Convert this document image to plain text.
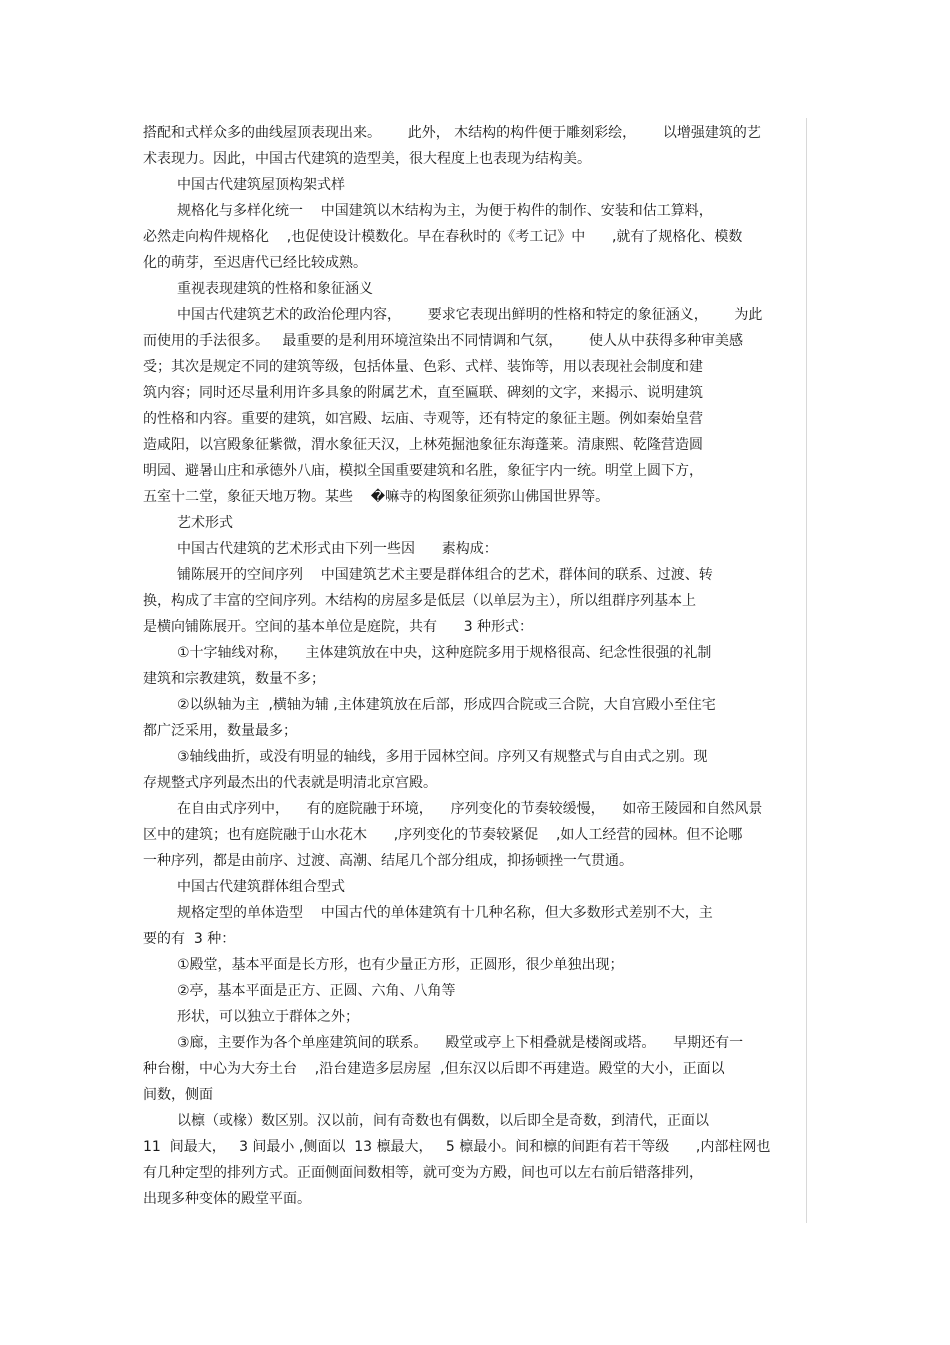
搭配和式样众多的曲线屋顶表现出来。      此外， 木结构的构件便于雕刻彩绘，      以增强建筑的艺
术表现力。因此，中国古代建筑的造型美，很大程度上也表现为结构美。
中国古代建筑屋顶构架式样
规格化与多样化统一    中国建筑以木结构为主，为便于构件的制作、安装和估工算料，
必然走向构件规格化    ,也促使设计模数化。早在春秋时的《考工记》中      ,就有了规格化、模数
化的萌芽，至迟唐代已经比较成熟。
重视表现建筑的性格和象征涵义
中国古代建筑艺术的政治伦理内容，      要求它表现出鲜明的性格和特定的象征涵义，      为此
而使用的手法很多。   最重要的是利用环境渲染出不同情调和气氛，      使人从中获得多种审美感
受；其次是规定不同的建筑等级，包括体量、色彩、式样、装饰等，用以表现社会制度和建
筑内容；同时还尽量利用许多具象的附属艺术，直至匾联、碑刻的文字，来揭示、说明建筑
的性格和内容。重要的建筑，如宫殿、坛庙、寺观等，还有特定的象征主题。例如秦始皇营
造咸阳，以宫殿象征紫微，渭水象征天汉，上林苑掘池象征东海蓬莱。清康熙、乾隆营造圆
明园、避暑山庄和承德外八庙，模拟全国重要建筑和名胜，象征宇内一统。明堂上圆下方，
五室十二堂，象征天地万物。某些    �嘛寺的构图象征须弥山佛国世界等。
艺术形式
中国古代建筑的艺术形式由下列一些因      素构成：
铺陈展开的空间序列    中国建筑艺术主要是群体组合的艺术，群体间的联系、过渡、转
换，构成了丰富的空间序列。木结构的房屋多是低层（以单层为主），所以组群序列基本上
是横向铺陈展开。空间的基本单位是庭院，共有      3 种形式：
①十字轴线对称，    主体建筑放在中央，这种庭院多用于规格很高、纪念性很强的礼制
建筑和宗教建筑，数量不多；
②以纵轴为主  ,横轴为辅 ,主体建筑放在后部，形成四合院或三合院，大自宫殿小至住宅
都广泛采用，数量最多；
③轴线曲折，或没有明显的轴线，多用于园林空间。序列又有规整式与自由式之别。现
存规整式序列最杰出的代表就是明清北京宫殿。
在自由式序列中，    有的庭院融于环境，    序列变化的节奏较缓慢，    如帝王陵园和自然风景
区中的建筑；也有庭院融于山水花木      ,序列变化的节奏较紧促    ,如人工经营的园林。但不论哪
一种序列，都是由前序、过渡、高潮、结尾几个部分组成，抑扬顿挫一气贯通。
中国古代建筑群体组合型式
规格定型的单体造型    中国古代的单体建筑有十几种名称，但大多数形式差别不大，主
要的有  3 种：
①殿堂，基本平面是长方形，也有少量正方形，正圆形，很少单独出现；
②亭，基本平面是正方、正圆、六角、八角等
形状，可以独立于群体之外；
③廊，主要作为各个单座建筑间的联系。    殿堂或亭上下相叠就是楼阁或塔。    早期还有一
种台榭，中心为大夯土台    ,沿台建造多层房屋  ,但东汉以后即不再建造。殿堂的大小，正面以
间数，侧面
以檩（或椽）数区别。汉以前，间有奇数也有偶数，以后即全是奇数，到清代，正面以
11  间最大，   3 间最小 ,侧面以  13 檩最大，   5 檩最小。间和檩的间距有若干等级      ,内部柱网也
有几种定型的排列方式。正面侧面间数相等，就可变为方殿，间也可以左右前后错落排列，
出现多种变体的殿堂平面。
